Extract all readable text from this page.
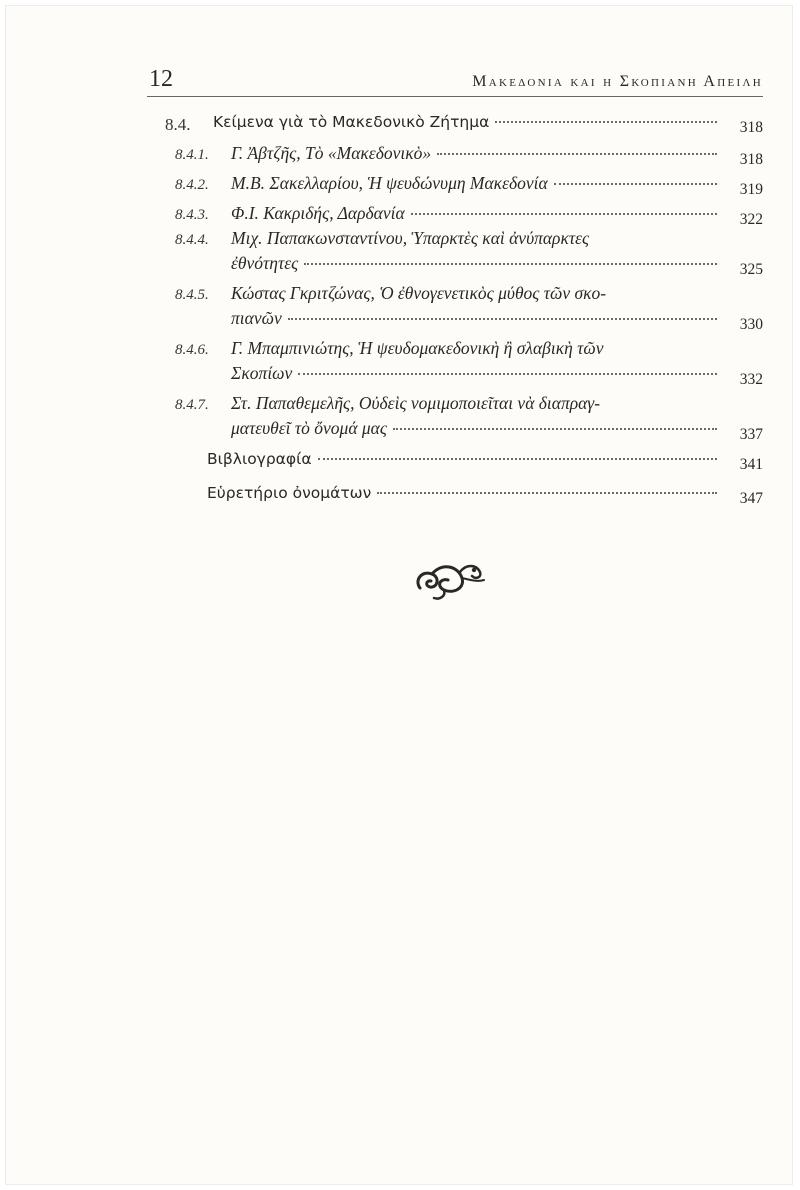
12	Μακεδονια και η Σκοπιανη Απειλη
8.4. Κείμενα γιὰ τὸ Μακεδονικὸ Ζήτημα	318
8.4.1. Γ. Ἀβτζῆς, Τὸ «Μακεδονικὸ»	318
8.4.2. Μ.Β. Σακελλαρίου, Ἡ ψευδώνυμη Μακεδονία	319
8.4.3. Φ.Ι. Κακριδής, Δαρδανία	322
8.4.4. Μιχ. Παπακωνσταντίνου, Ὑπαρκτὲς καὶ ἀνύπαρκτες
ἐθνότητες	325
8.4.5. Κώστας Γκριτζώνας, Ὁ ἐθνογενετικὸς μύθος τῶν σκο-
πιανῶν	330
8.4.6. Γ. Μπαμπινιώτης, Ἡ ψευδομακεδονικὴ ἢ σλαβικὴ τῶν
Σκοπίων	332
8.4.7. Στ. Παπαθεμελῆς, Οὐδεὶς νομιμοποιεῖται νὰ διαπραγ-
ματευθεῖ τὸ ὄνομά μας	337
Βιβλιογραφία	341
Εὑρετήριο ὀνομάτων	347
